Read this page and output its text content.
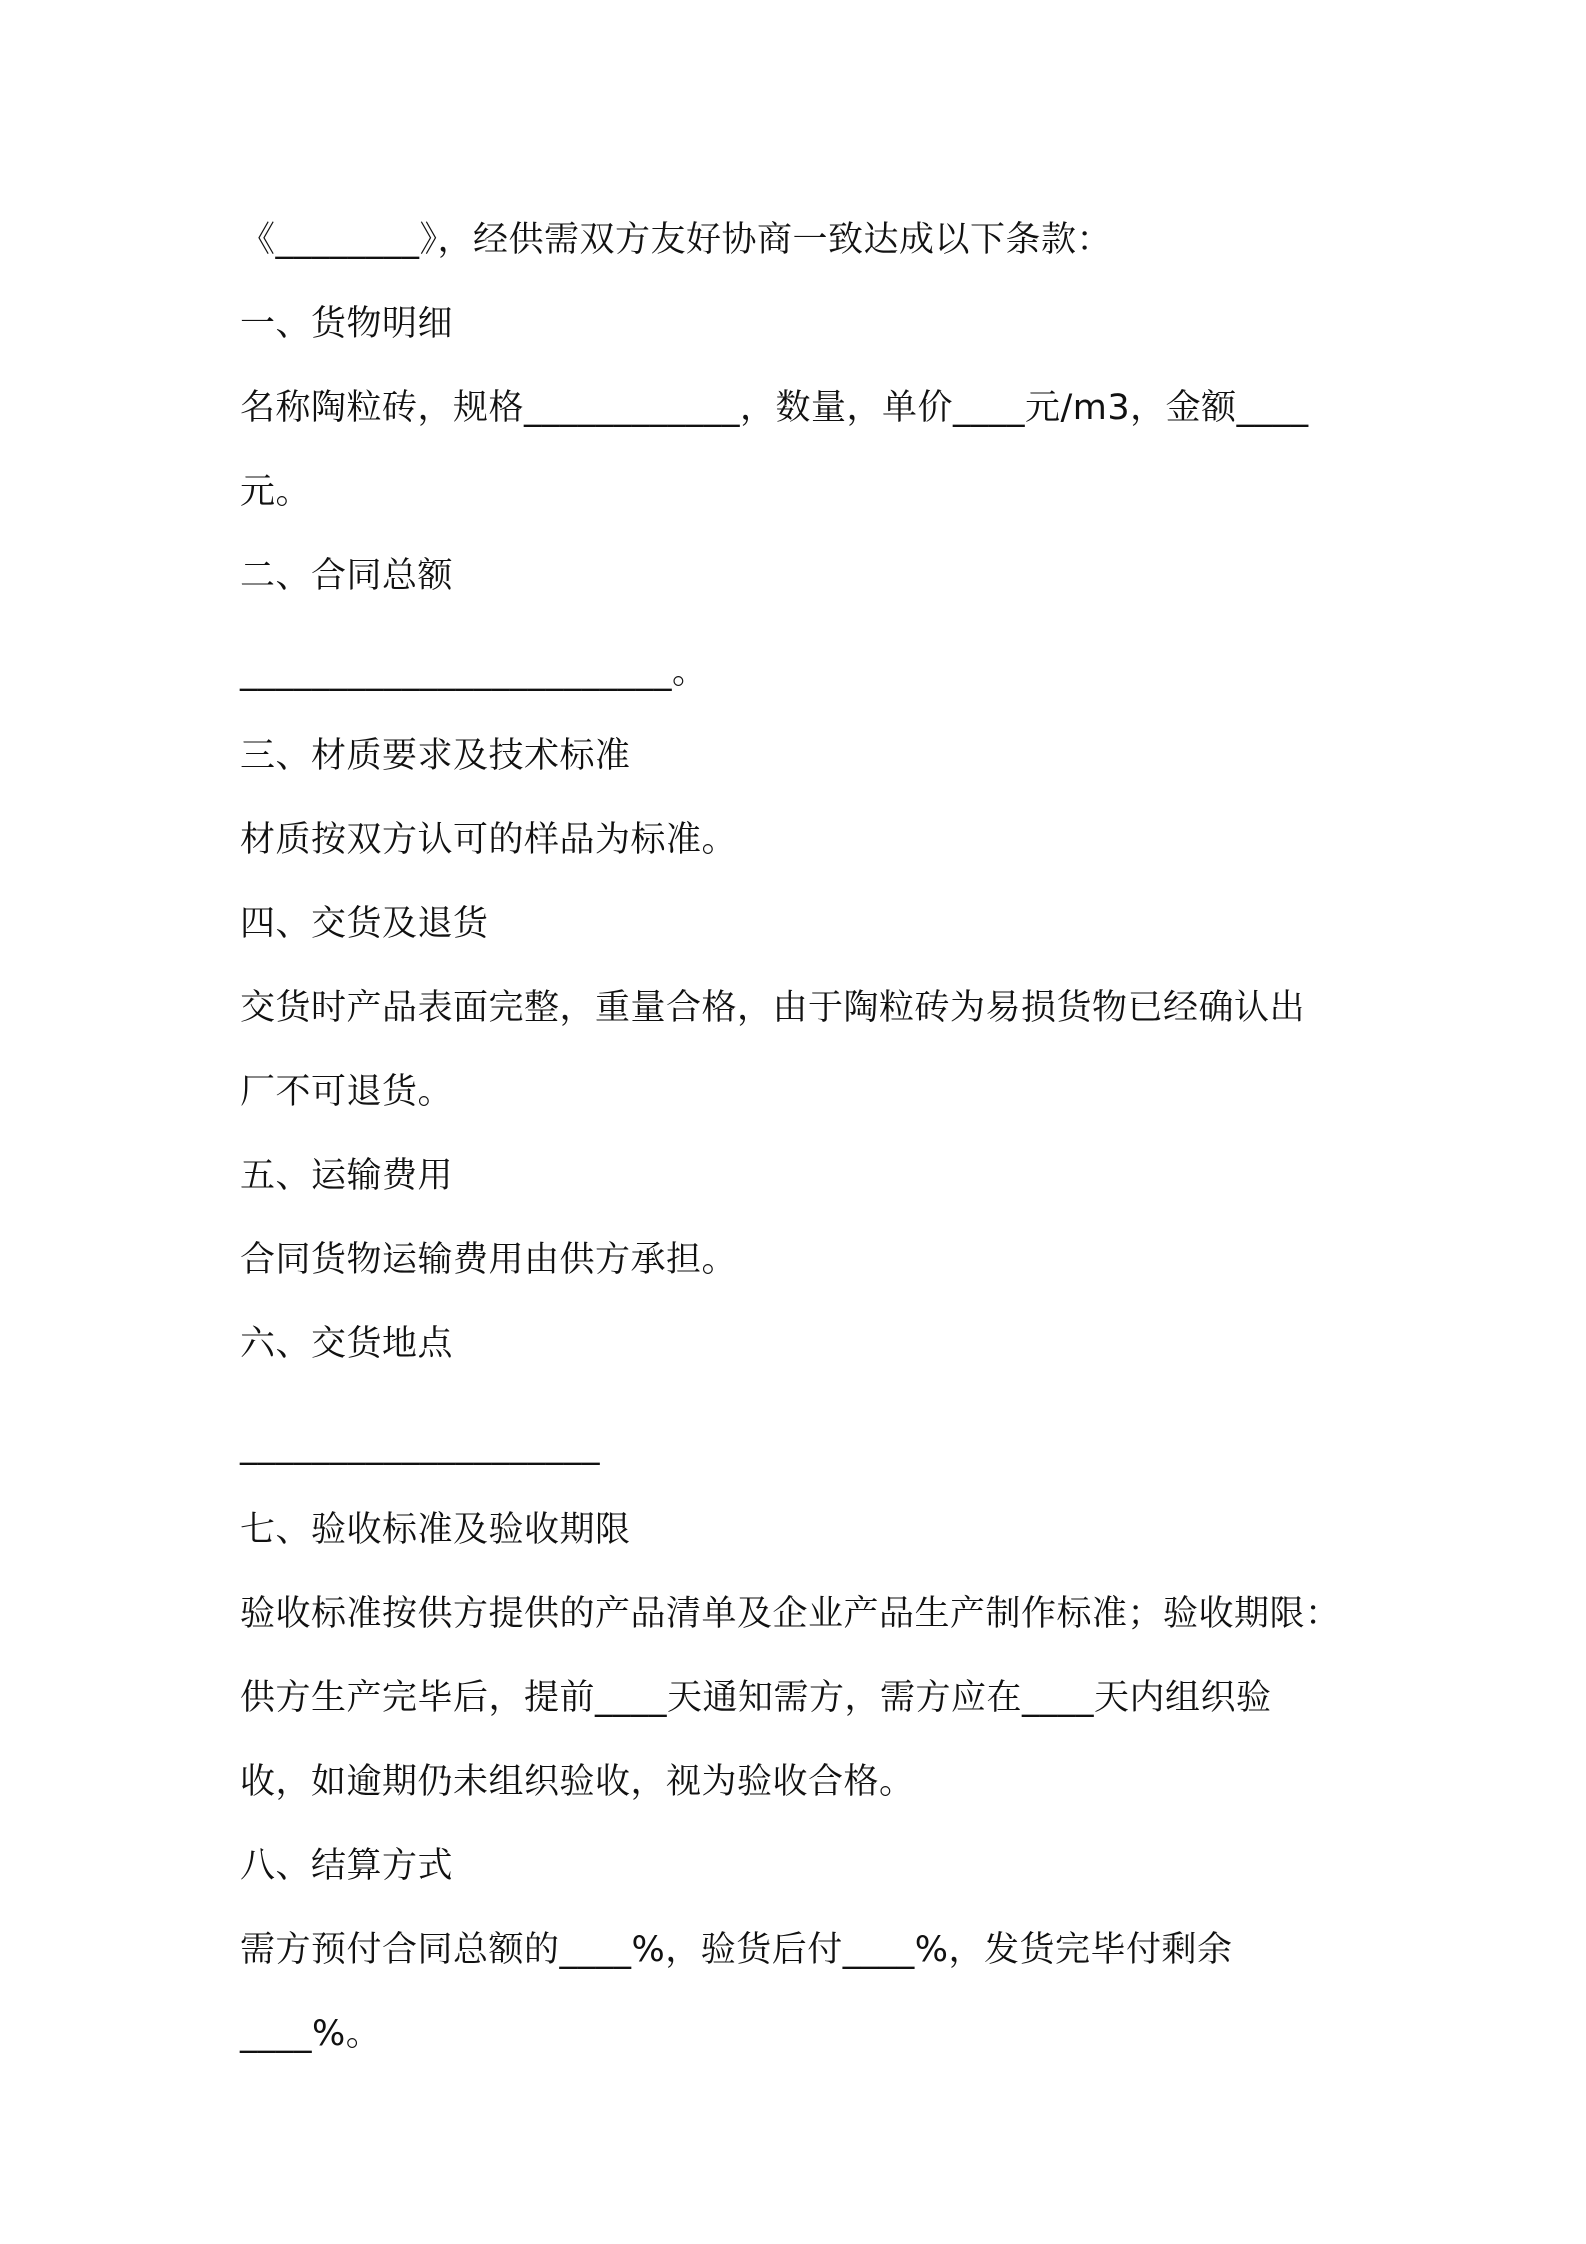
《________》，经供需双方友好协商一致达成以下条款：
一、货物明细
名称陶粒砖，规格____________，数量，单价____元/m3，金额____
元。
二、合同总额
________________________。
三、材质要求及技术标准
材质按双方认可的样品为标准。
四、交货及退货
交货时产品表面完整，重量合格，由于陶粒砖为易损货物已经确认出
厂不可退货。
五、运输费用
合同货物运输费用由供方承担。
六、交货地点
____________________
七、验收标准及验收期限
验收标准按供方提供的产品清单及企业产品生产制作标准；验收期限：
供方生产完毕后，提前____天通知需方，需方应在____天内组织验
收，如逾期仍未组织验收，视为验收合格。
八、结算方式
需方预付合同总额的____%，验货后付____%，发货完毕付剩余
____%。
